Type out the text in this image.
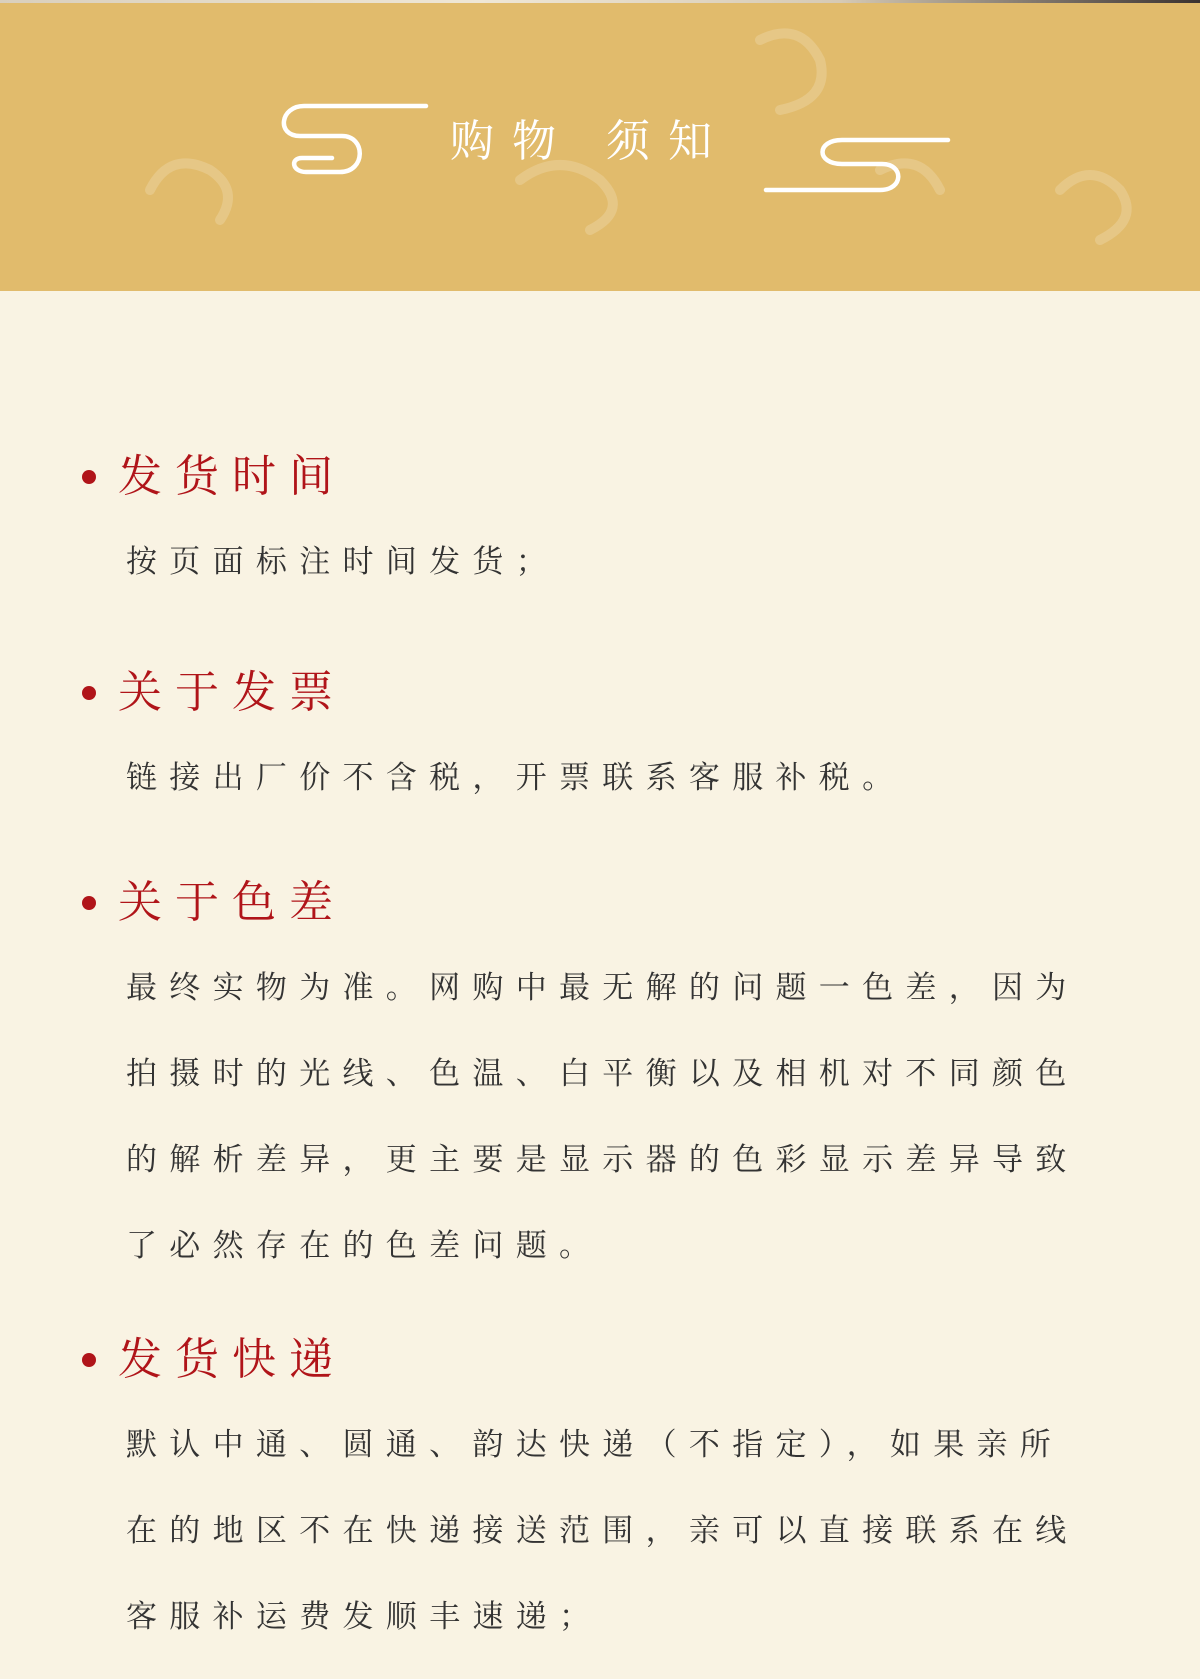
购物 须知
发货时间
按页面标注时间发货；
关于发票
链接出厂价不含税，开票联系客服补税。
关于色差
最终实物为准。网购中最无解的问题一色差，因为
拍摄时的光线、色温、白平衡以及相机对不同颜色
的解析差异，更主要是显示器的色彩显示差异导致
了必然存在的色差问题。
发货快递
默认中通、圆通、韵达快递（不指定），如果亲所
在的地区不在快递接送范围，亲可以直接联系在线
客服补运费发顺丰速递；
